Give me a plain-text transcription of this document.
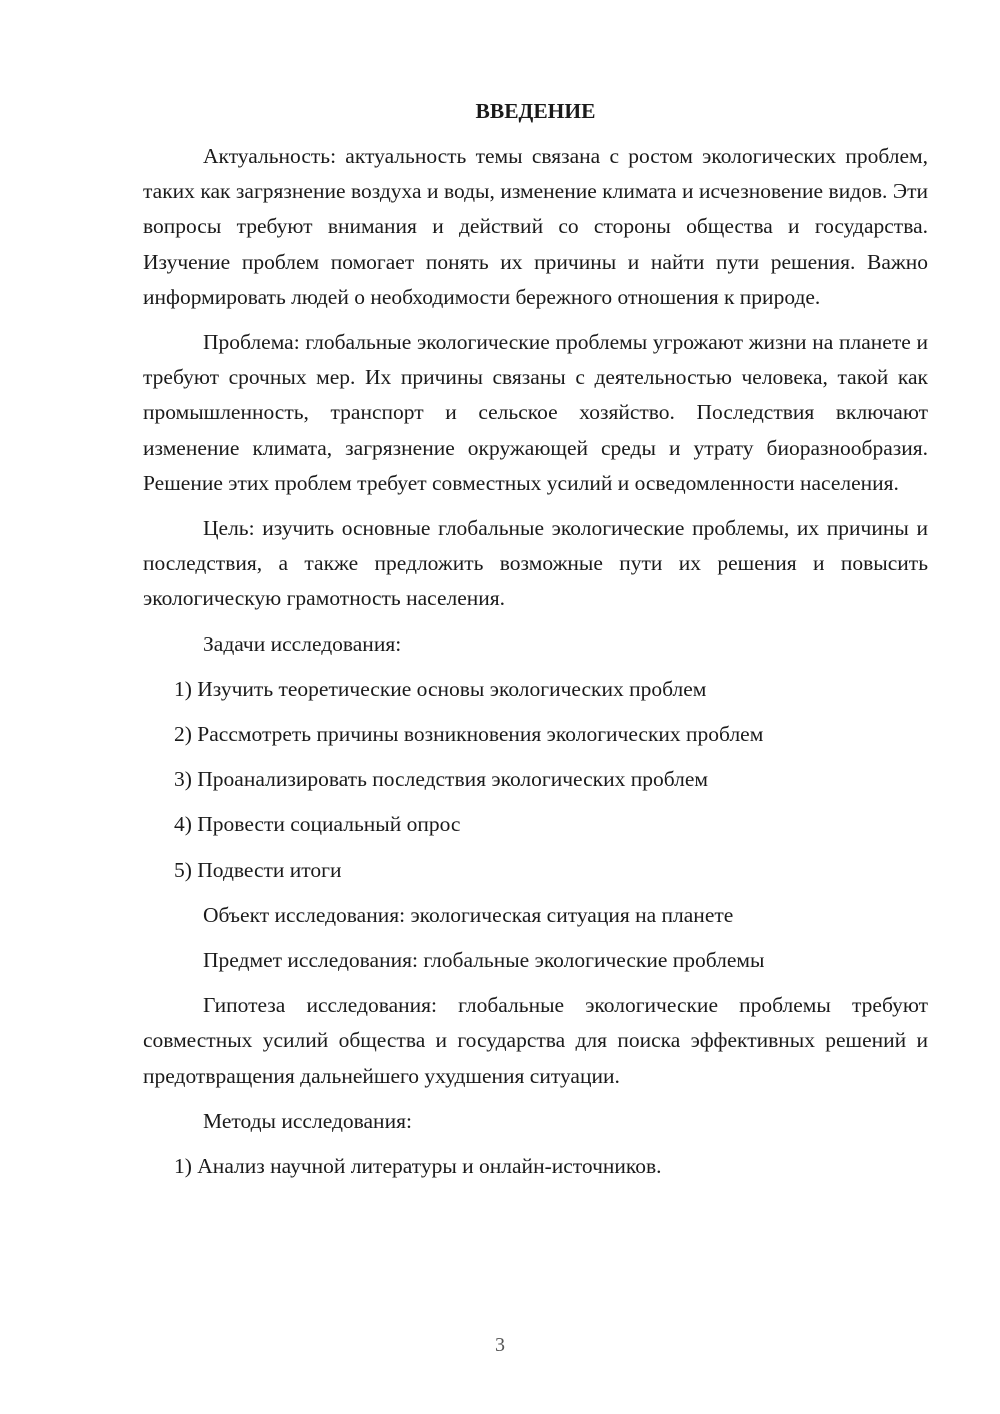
ВВЕДЕНИЕ

Актуальность: актуальность темы связана с ростом экологических проблем, таких как загрязнение воздуха и воды, изменение климата и исчезновение видов. Эти вопросы требуют внимания и действий со стороны общества и государства. Изучение проблем помогает понять их причины и найти пути решения. Важно информировать людей о необходимости бережного отношения к природе.

Проблема: глобальные экологические проблемы угрожают жизни на планете и требуют срочных мер. Их причины связаны с деятельностью человека, такой как промышленность, транспорт и сельское хозяйство. Последствия включают изменение климата, загрязнение окружающей среды и утрату биоразнообразия. Решение этих проблем требует совместных усилий и осведомленности населения.

Цель: изучить основные глобальные экологические проблемы, их причины и последствия, а также предложить возможные пути их решения и повысить экологическую грамотность населения.

Задачи исследования:

1) Изучить теоретические основы экологических проблем

2) Рассмотреть причины возникновения экологических проблем

3) Проанализировать последствия экологических проблем

4) Провести социальный опрос

5) Подвести итоги

Объект исследования: экологическая ситуация на планете

Предмет исследования: глобальные экологические проблемы

Гипотеза исследования: глобальные экологические проблемы требуют совместных усилий общества и государства для поиска эффективных решений и предотвращения дальнейшего ухудшения ситуации.

Методы исследования:

1) Анализ научной литературы и онлайн-источников.

3
